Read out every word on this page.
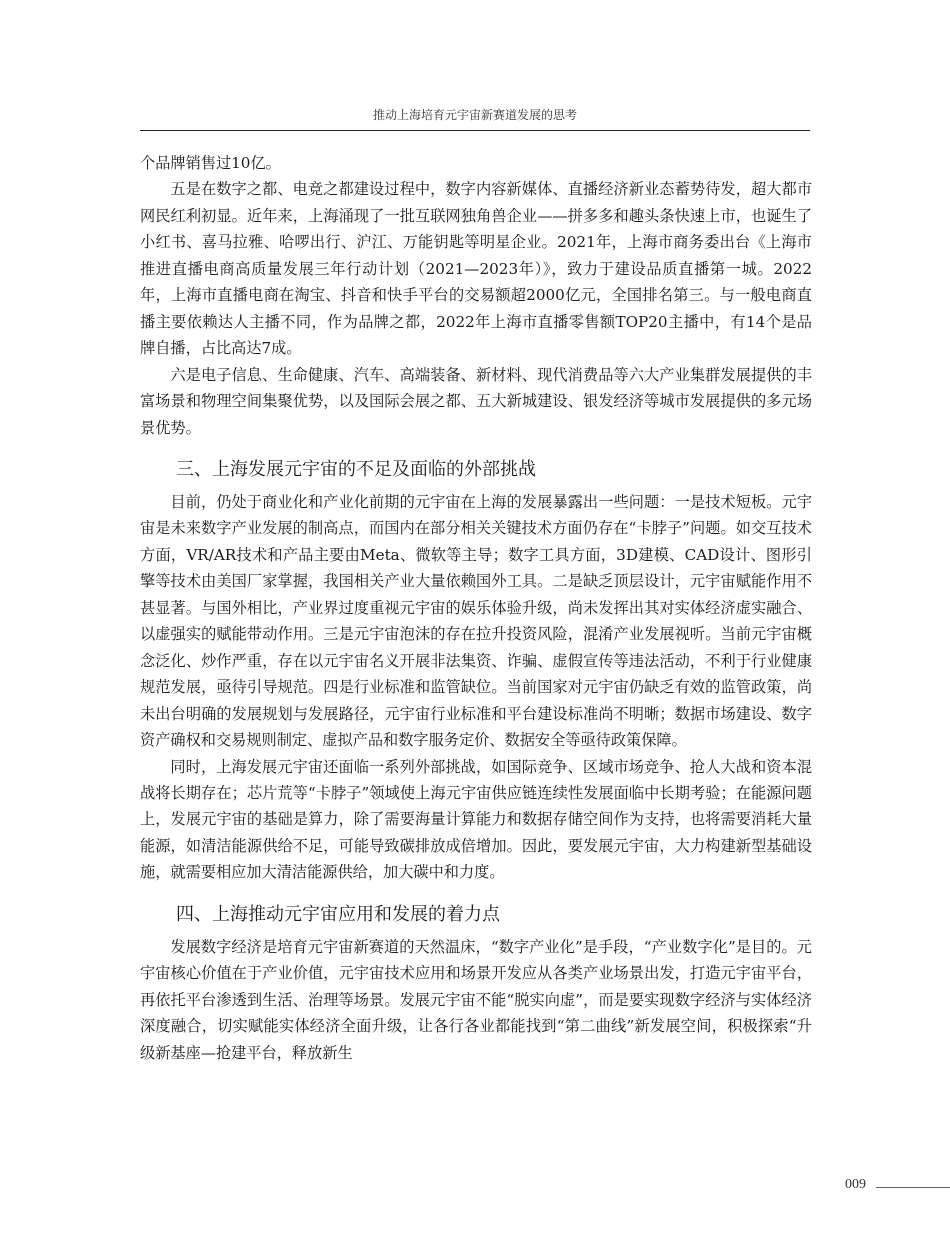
推动上海培育元宇宙新赛道发展的思考

个品牌销售过10亿。

五是在数字之都、电竞之都建设过程中，数字内容新媒体、直播经济新业态蓄势待发，超大都市网民红利初显。近年来，上海涌现了一批互联网独角兽企业——拼多多和趣头条快速上市，也诞生了小红书、喜马拉雅、哈啰出行、沪江、万能钥匙等明星企业。2021年，上海市商务委出台《上海市推进直播电商高质量发展三年行动计划（2021—2023年）》，致力于建设品质直播第一城。2022年，上海市直播电商在淘宝、抖音和快手平台的交易额超2000亿元，全国排名第三。与一般电商直播主要依赖达人主播不同，作为品牌之都，2022年上海市直播零售额TOP20主播中，有14个是品牌自播，占比高达7成。

六是电子信息、生命健康、汽车、高端装备、新材料、现代消费品等六大产业集群发展提供的丰富场景和物理空间集聚优势，以及国际会展之都、五大新城建设、银发经济等城市发展提供的多元场景优势。

三、上海发展元宇宙的不足及面临的外部挑战

目前，仍处于商业化和产业化前期的元宇宙在上海的发展暴露出一些问题：一是技术短板。元宇宙是未来数字产业发展的制高点，而国内在部分相关关键技术方面仍存在“卡脖子”问题。如交互技术方面，VR/AR技术和产品主要由Meta、微软等主导；数字工具方面，3D建模、CAD设计、图形引擎等技术由美国厂家掌握，我国相关产业大量依赖国外工具。二是缺乏顶层设计，元宇宙赋能作用不甚显著。与国外相比，产业界过度重视元宇宙的娱乐体验升级，尚未发挥出其对实体经济虚实融合、以虚强实的赋能带动作用。三是元宇宙泡沫的存在拉升投资风险，混淆产业发展视听。当前元宇宙概念泛化、炒作严重，存在以元宇宙名义开展非法集资、诈骗、虚假宣传等违法活动，不利于行业健康规范发展，亟待引导规范。四是行业标准和监管缺位。当前国家对元宇宙仍缺乏有效的监管政策，尚未出台明确的发展规划与发展路径，元宇宙行业标准和平台建设标准尚不明晰；数据市场建设、数字资产确权和交易规则制定、虚拟产品和数字服务定价、数据安全等亟待政策保障。

同时，上海发展元宇宙还面临一系列外部挑战，如国际竞争、区域市场竞争、抢人大战和资本混战将长期存在；芯片荒等“卡脖子”领域使上海元宇宙供应链连续性发展面临中长期考验；在能源问题上，发展元宇宙的基础是算力，除了需要海量计算能力和数据存储空间作为支持，也将需要消耗大量能源，如清洁能源供给不足，可能导致碳排放成倍增加。因此，要发展元宇宙，大力构建新型基础设施，就需要相应加大清洁能源供给，加大碳中和力度。

四、上海推动元宇宙应用和发展的着力点

发展数字经济是培育元宇宙新赛道的天然温床，“数字产业化”是手段，“产业数字化”是目的。元宇宙核心价值在于产业价值，元宇宙技术应用和场景开发应从各类产业场景出发，打造元宇宙平台，再依托平台渗透到生活、治理等场景。发展元宇宙不能“脱实向虚”，而是要实现数字经济与实体经济深度融合，切实赋能实体经济全面升级，让各行各业都能找到“第二曲线”新发展空间，积极探索“升级新基座—抢建平台，释放新生

009
